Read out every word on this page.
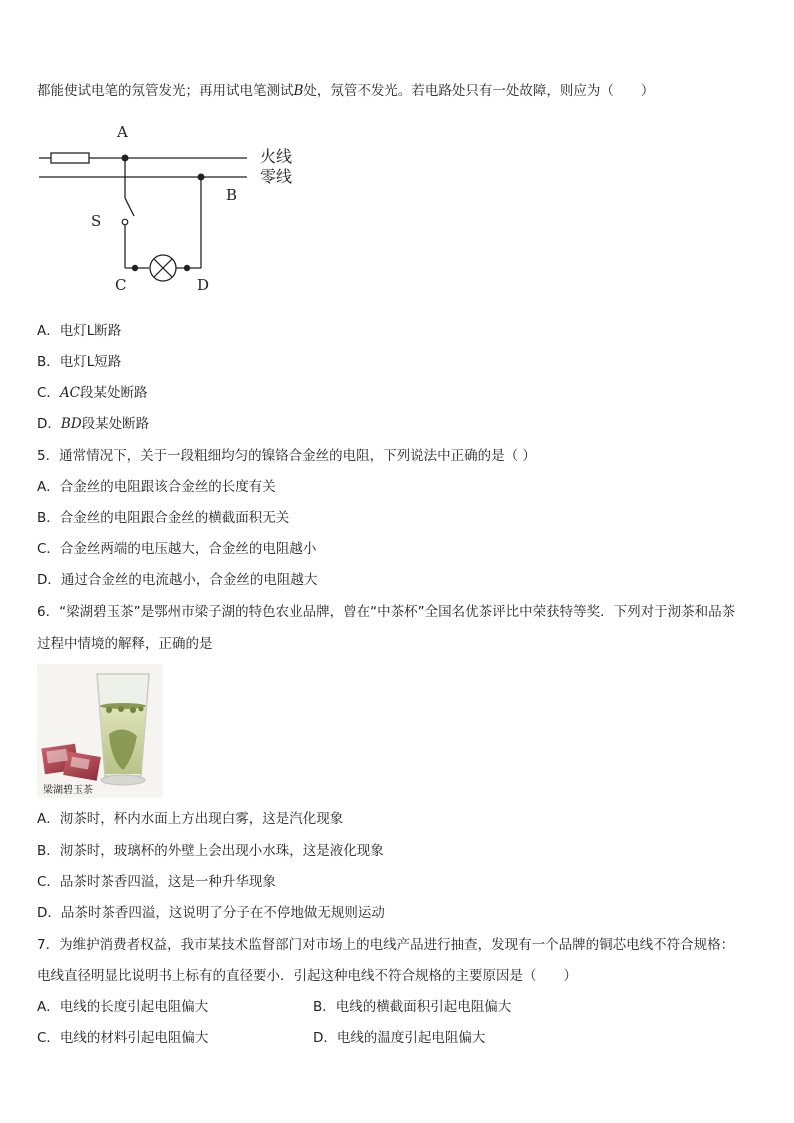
都能使试电笔的氖管发光；再用试电笔测试B处，氖管不发光。若电路处只有一处故障，则应为（　　）
A
B
S
C	D
火线
零线
A．电灯L断路
B．电灯L短路
C．AC段某处断路
D．BD段某处断路
5．通常情况下，关于一段粗细均匀的镍铬合金丝的电阻，下列说法中正确的是（ ）
A．合金丝的电阻跟该合金丝的长度有关
B．合金丝的电阻跟合金丝的横截面积无关
C．合金丝两端的电压越大，合金丝的电阻越小
D．通过合金丝的电流越小，合金丝的电阻越大
6．“梁湖碧玉茶”是鄂州市梁子湖的特色农业品牌，曾在“中茶杯”全国名优茶评比中荣获特等奖．下列对于沏茶和品茶
过程中情境的解释，正确的是
梁湖碧玉茶
A．沏茶时，杯内水面上方出现白雾，这是汽化现象
B．沏茶时，玻璃杯的外壁上会出现小水珠，这是液化现象
C．品茶时茶香四溢，这是一种升华现象
D．品茶时茶香四溢，这说明了分子在不停地做无规则运动
7．为维护消费者权益，我市某技术监督部门对市场上的电线产品进行抽查，发现有一个品牌的铜芯电线不符合规格：
电线直径明显比说明书上标有的直径要小．引起这种电线不符合规格的主要原因是（　　）
A．电线的长度引起电阻偏大	B．电线的横截面积引起电阻偏大
C．电线的材料引起电阻偏大	D．电线的温度引起电阻偏大
